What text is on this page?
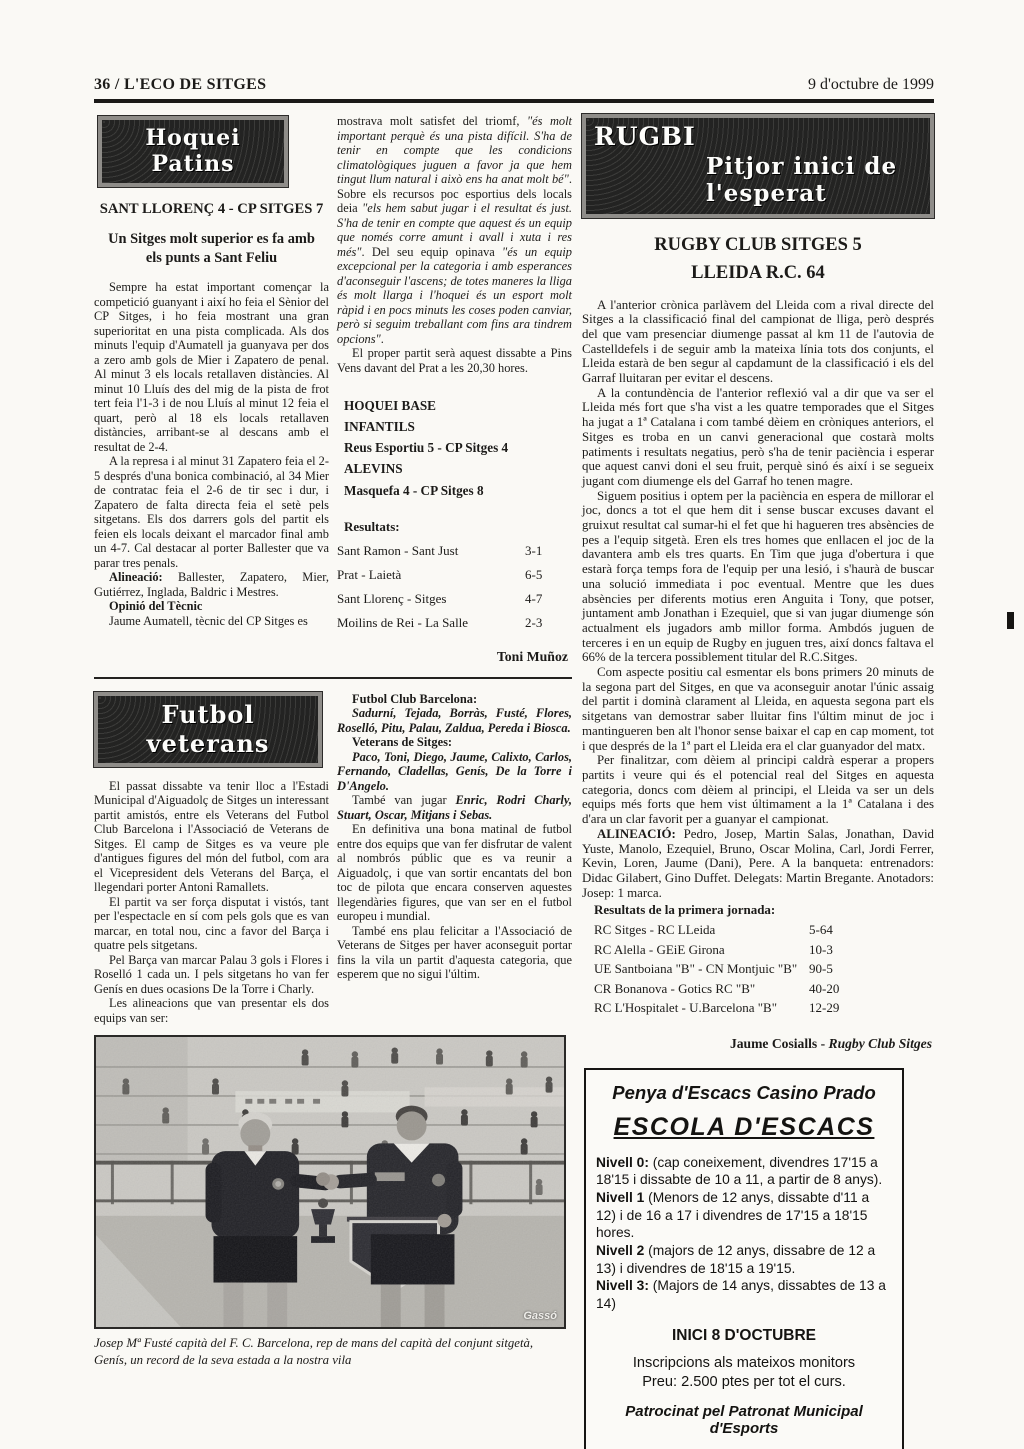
36 / L'ECO DE SITGES	9 d'octubre de 1999
Hoquei Patins
SANT LLORENÇ 4 - CP SITGES 7
Un Sitges molt superior es fa amb els punts a Sant Feliu

Sempre ha estat important començar la competició guanyant i així ho feia el Sènior del CP Sitges, i ho feia mostrant una gran superioritat en una pista complicada. Als dos minuts l'equip d'Aumatell ja guanyava per dos a zero amb gols de Mier i Zapatero de penal. Al minut 3 els locals retallaven distàncies. Al minut 10 Lluís des del mig de la pista de frot tert feia l'1-3 i de nou Lluís al minut 12 feia el quart, però al 18 els locals retallaven distàncies, arribant-se al descans amb el resultat de 2-4.

A la represa i al minut 31 Zapatero feia el 2-5 després d'una bonica combinació, al 34 Mier de contratac feia el 2-6 de tir sec i dur, i Zapatero de falta directa feia el setè pels sitgetans. Els dos darrers gols del partit els feien els locals deixant el marcador final amb un 4-7. Cal destacar al porter Ballester que va parar tres penals.

Alineació: Ballester, Zapatero, Mier, Gutiérrez, Inglada, Baldric i Mestres.

Opinió del Tècnic

Jaume Aumatell, tècnic del CP Sitges es

mostrava molt satisfet del triomf, "és molt important perquè és una pista difícil. S'ha de tenir en compte que les condicions climatològiques juguen a favor ja que hem tingut llum natural i això ens ha anat molt bé". Sobre els recursos poc esportius dels locals deia "els hem sabut jugar i el resultat és just. S'ha de tenir en compte que aquest és un equip que només corre amunt i avall i xuta i res més". Del seu equip opinava "és un equip excepcional per la categoria i amb esperances d'aconseguir l'ascens; de totes maneres la lliga és molt llarga i l'hoquei és un esport molt ràpid i en pocs minuts les coses poden canviar, però si seguim treballant com fins ara tindrem opcions".

El proper partit serà aquest dissabte a Pins Vens davant del Prat a les 20,30 hores.

HOQUEI BASE
INFANTILS
Reus Esportiu 5 - CP Sitges 4
ALEVINS
Masquefa 4 - CP Sitges 8
Resultats:
Sant Ramon - Sant Just	3-1
Prat - Laietà	6-5
Sant Llorenç - Sitges	4-7
Moilins de Rei - La Salle	2-3
Toni Muñoz
Futbol veterans

El passat dissabte va tenir lloc a l'Estadi Municipal d'Aiguadolç de Sitges un interessant partit amistós, entre els Veterans del Futbol Club Barcelona i l'Associació de Veterans de Sitges. El camp de Sitges es va veure ple d'antigues figures del món del futbol, com ara el Vicepresident dels Veterans del Barça, el llegendari porter Antoni Ramallets.

El partit va ser força disputat i vistós, tant per l'espectacle en sí com pels gols que es van marcar, en total nou, cinc a favor del Barça i quatre pels sitgetans.

Pel Barça van marcar Palau 3 gols i Flores i Roselló 1 cada un. I pels sitgetans ho van fer Genís en dues ocasions De la Torre i Charly.

Les alineacions que van presentar els dos equips van ser:

Futbol Club Barcelona:

Sadurní, Tejada, Borràs, Fusté, Flores, Roselló, Pitu, Palau, Zaldua, Pereda i Biosca.

Veterans de Sitges:

Paco, Toni, Diego, Jaume, Calixto, Carlos, Fernando, Cladellas, Genís, De la Torre i D'Angelo.

També van jugar Enric, Rodri Charly, Stuart, Oscar, Mitjans i Sebas.

En definitiva una bona matinal de futbol entre dos equips que van fer disfrutar de valent al nombrós públic que es va reunir a Aiguadolç, i que van sortir encantats del bon toc de pilota que encara conserven aquestes llegendàries figures, que van ser en el futbol europeu i mundial.

També ens plau felicitar a l'Associació de Veterans de Sitges per haver aconseguit portar fins la vila un partit d'aquesta categoria, que esperem que no sigui l'últim.

Gassó
Josep Mª Fusté capità del F. C. Barcelona, rep de mans del capità del conjunt sitgetà, Genís, un record de la seva estada a la nostra vila
RUGBI
Pitjor inici de l'esperat
RUGBY CLUB SITGES 5
LLEIDA R.C. 64

A l'anterior crònica parlàvem del Lleida com a rival directe del Sitges a la classificació final del campionat de lliga, però després del que vam presenciar diumenge passat al km 11 de l'autovia de Castelldefels i de seguir amb la mateixa línia tots dos conjunts, el Lleida estarà de ben segur al capdamunt de la classificació i els del Garraf lluitaran per evitar el descens.

A la contundència de l'anterior reflexió val a dir que va ser el Lleida més fort que s'ha vist a les quatre temporades que el Sitges ha jugat a 1ª Catalana i com també dèiem en cròniques anteriors, el Sitges es troba en un canvi generacional que costarà molts patiments i resultats negatius, però s'ha de tenir paciència i esperar que aquest canvi doni el seu fruit, perquè sinó és així i se segueix jugant com diumenge els del Garraf ho tenen magre.

Siguem positius i optem per la paciència en espera de millorar el joc, doncs a tot el que hem dit i sense buscar excuses davant el gruixut resultat cal sumar-hi el fet que hi hagueren tres absències de pes a l'equip sitgetà. Eren els tres homes que enllacen el joc de la davantera amb els tres quarts. En Tim que juga d'obertura i que estarà força temps fora de l'equip per una lesió, i s'haurà de buscar una solució immediata i poc eventual. Mentre que les dues absències per diferents motius eren Anguita i Tony, que potser, juntament amb Jonathan i Ezequiel, que si van jugar diumenge són actualment els jugadors amb millor forma. Ambdós juguen de terceres i en un equip de Rugby en juguen tres, així doncs faltava el 66% de la tercera possiblement titular del R.C.Sitges.

Com aspecte positiu cal esmentar els bons primers 20 minuts de la segona part del Sitges, en que va aconseguir anotar l'únic assaig del partit i dominà clarament al Lleida, en aquesta segona part els sitgetans van demostrar saber lluitar fins l'últim minut de joc i mantingueren ben alt l'honor sense baixar el cap en cap moment, tot i que després de la 1ª part el Lleida era el clar guanyador del matx.

Per finalitzar, com dèiem al principi caldrà esperar a propers partits i veure qui és el potencial real del Sitges en aquesta categoria, doncs com dèiem al principi, el Lleida va ser un dels equips més forts que hem vist últimament a la 1ª Catalana i des d'ara un clar favorit per a guanyar el campionat.

ALINEACIÓ: Pedro, Josep, Martin Salas, Jonathan, David Yuste, Manolo, Ezequiel, Bruno, Oscar Molina, Carl, Jordi Ferrer, Kevin, Loren, Jaume (Dani), Pere. A la banqueta: entrenadors: Didac Gilabert, Gino Duffet. Delegats: Martin Bregante. Anotadors: Josep: 1 marca.

Resultats de la primera jornada:
RC Sitges - RC LLeida	5-64
RC Alella - GEiE Girona	10-3
UE Santboiana "B" - CN Montjuic "B" 90-5
CR Bonanova - Gotics RC "B"	40-20
RC L'Hospitalet - U.Barcelona "B" 12-29
Jaume Cosialls - Rugby Club Sitges
Penya d'Escacs Casino Prado
ESCOLA D'ESCACS

Nivell 0: (cap coneixement, divendres 17'15 a 18'15 i dissabte de 10 a 11, a partir de 8 anys).

Nivell 1 (Menors de 12 anys, dissabte d'11 a 12) i de 16 a 17 i divendres de 17'15 a 18'15 hores.

Nivell 2 (majors de 12 anys, dissabre de 12 a 13) i divendres de 18'15 a 19'15.

Nivell 3: (Majors de 14 anys, dissabtes de 13 a 14)

INICI 8 D'OCTUBRE
Inscripcions als mateixos monitors
Preu: 2.500 ptes per tot el curs.
Patrocinat pel Patronat Municipal d'Esports
